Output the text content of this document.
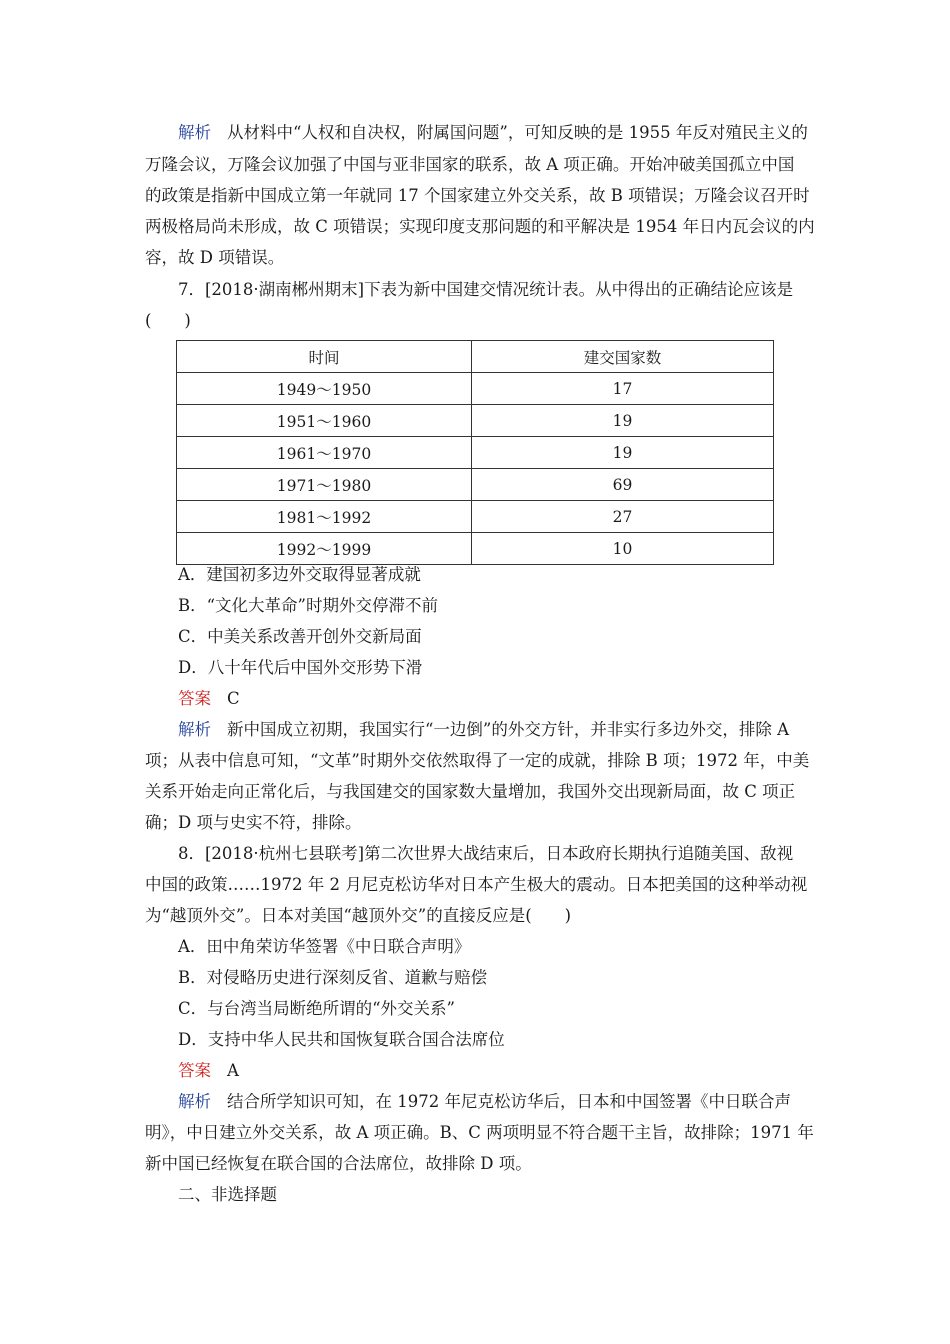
解析 从材料中“人权和自决权，附属国问题”，可知反映的是 1955 年反对殖民主义的
万隆会议，万隆会议加强了中国与亚非国家的联系，故 A 项正确。开始冲破美国孤立中国
的政策是指新中国成立第一年就同 17 个国家建立外交关系，故 B 项错误；万隆会议召开时
两极格局尚未形成，故 C 项错误；实现印度支那问题的和平解决是 1954 年日内瓦会议的内
容，故 D 项错误。
7．[2018·湖南郴州期末]下表为新中国建交情况统计表。从中得出的正确结论应该是
(　　)
时间	建交国家数
1949～1950	17
1951～1960	19
1961～1970	19
1971～1980	69
1981～1992	27
1992～1999	10
A．建国初多边外交取得显著成就
B．“文化大革命”时期外交停滞不前
C．中美关系改善开创外交新局面
D．八十年代后中国外交形势下滑
答案 C
解析 新中国成立初期，我国实行“一边倒”的外交方针，并非实行多边外交，排除 A
项；从表中信息可知，“文革”时期外交依然取得了一定的成就，排除 B 项；1972 年，中美
关系开始走向正常化后，与我国建交的国家数大量增加，我国外交出现新局面，故 C 项正
确；D 项与史实不符，排除。
8．[2018·杭州七县联考]第二次世界大战结束后，日本政府长期执行追随美国、敌视
中国的政策……1972 年 2 月尼克松访华对日本产生极大的震动。日本把美国的这种举动视
为“越顶外交”。日本对美国“越顶外交”的直接反应是(　　)
A．田中角荣访华签署《中日联合声明》
B．对侵略历史进行深刻反省、道歉与赔偿
C．与台湾当局断绝所谓的“外交关系”
D．支持中华人民共和国恢复联合国合法席位
答案 A
解析 结合所学知识可知，在 1972 年尼克松访华后，日本和中国签署《中日联合声
明》，中日建立外交关系，故 A 项正确。B、C 两项明显不符合题干主旨，故排除；1971 年
新中国已经恢复在联合国的合法席位，故排除 D 项。
二、非选择题
